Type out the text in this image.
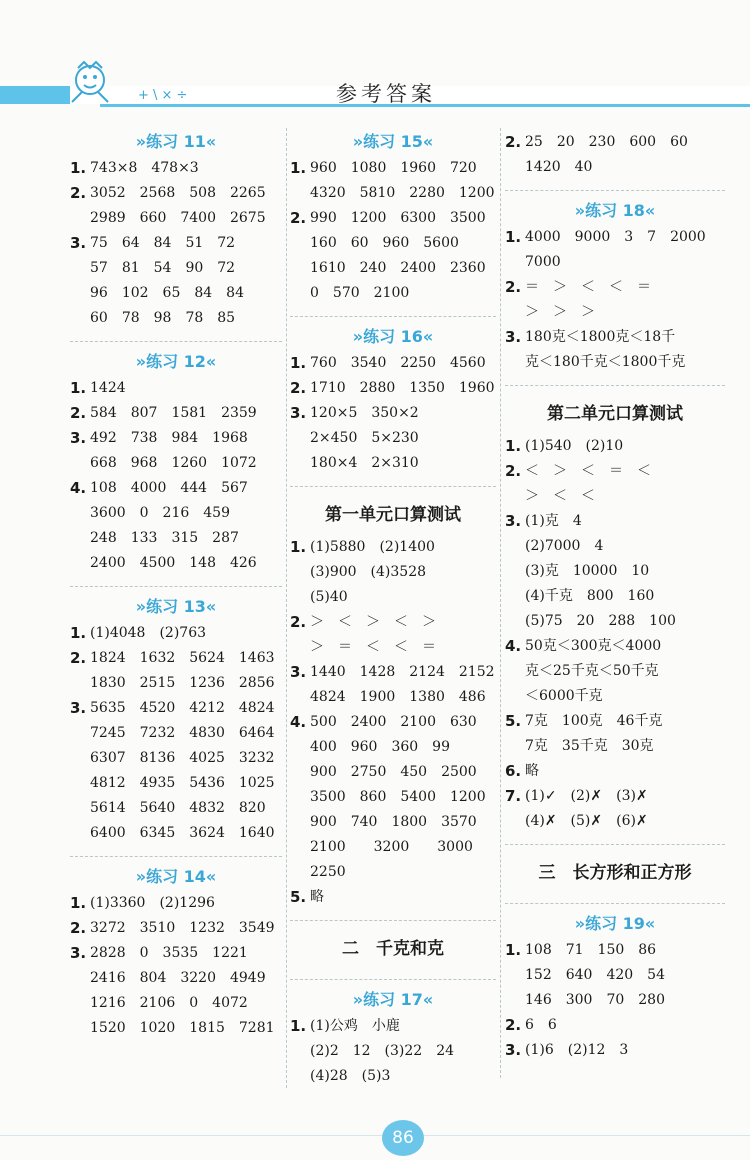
+ \ × ÷	参考答案
»练习 11«
1. 743×8　478×3
2. 3052　2568　508　2265
2989　660　7400　2675
3. 75　64　84　51　72
57　81　54　90　72
96　102　65　84　84
60　78　98　78　85
»练习 12«
1. 1424
2. 584　807　1581　2359
3. 492　738　984　1968
668　968　1260　1072
4. 108　4000　444　567
3600　0　216　459
248　133　315　287
2400　4500　148　426
»练习 13«
1. (1)4048　(2)763
2. 1824　1632　5624　1463
1830　2515　1236　2856
3. 5635　4520　4212　4824
7245　7232　4830　6464
6307　8136　4025　3232
4812　4935　5436　1025
5614　5640　4832　820
6400　6345　3624　1640
»练习 14«
1. (1)3360　(2)1296
2. 3272　3510　1232　3549
3. 2828　0　3535　1221
2416　804　3220　4949
1216　2106　0　4072
1520　1020　1815　7281
»练习 15«
1. 960　1080　1960　720
4320　5810　2280　1200
2. 990　1200　6300　3500
160　60　960　5600
1610　240　2400　2360
0　570　2100
»练习 16«
1. 760　3540　2250　4560
2. 1710　2880　1350　1960
3. 120×5　350×2
2×450　5×230
180×4　2×310
第一单元口算测试
1. (1)5880　(2)1400
(3)900　(4)3528
(5)40
2. ＞　＜　＞　＜　＞
＞　＝　＜　＜　＝
3. 1440　1428　2124　2152
4824　1900　1380　486
4. 500　2400　2100　630
400　960　360　99
900　2750　450　2500
3500　860　5400　1200
900　740　1800　3570
2100　　3200　　3000
2250
5. 略
二　千克和克
»练习 17«
1. (1)公鸡　小鹿
(2)2　12　(3)22　24
(4)28　(5)3
2. 25　20　230　600　60
1420　40
»练习 18«
1. 4000　9000　3　7　2000
7000
2. ＝　＞　＜　＜　＝
＞　＞　＞
3. 180克＜1800克＜18千
克＜180千克＜1800千克
第二单元口算测试
1. (1)540　(2)10
2. ＜　＞　＜　＝　＜
＞　＜　＜
3. (1)克　4
(2)7000　4
(3)克　10000　10
(4)千克　800　160
(5)75　20　288　100
4. 50克＜300克＜4000
克＜25千克＜50千克
＜6000千克
5. 7克　100克　46千克
7克　35千克　30克
6. 略
7. (1)✓　(2)✗　(3)✗
(4)✗　(5)✗　(6)✗
三　长方形和正方形
»练习 19«
1. 108　71　150　86
152　640　420　54
146　300　70　280
2. 6　6
3. (1)6　(2)12　3
86
